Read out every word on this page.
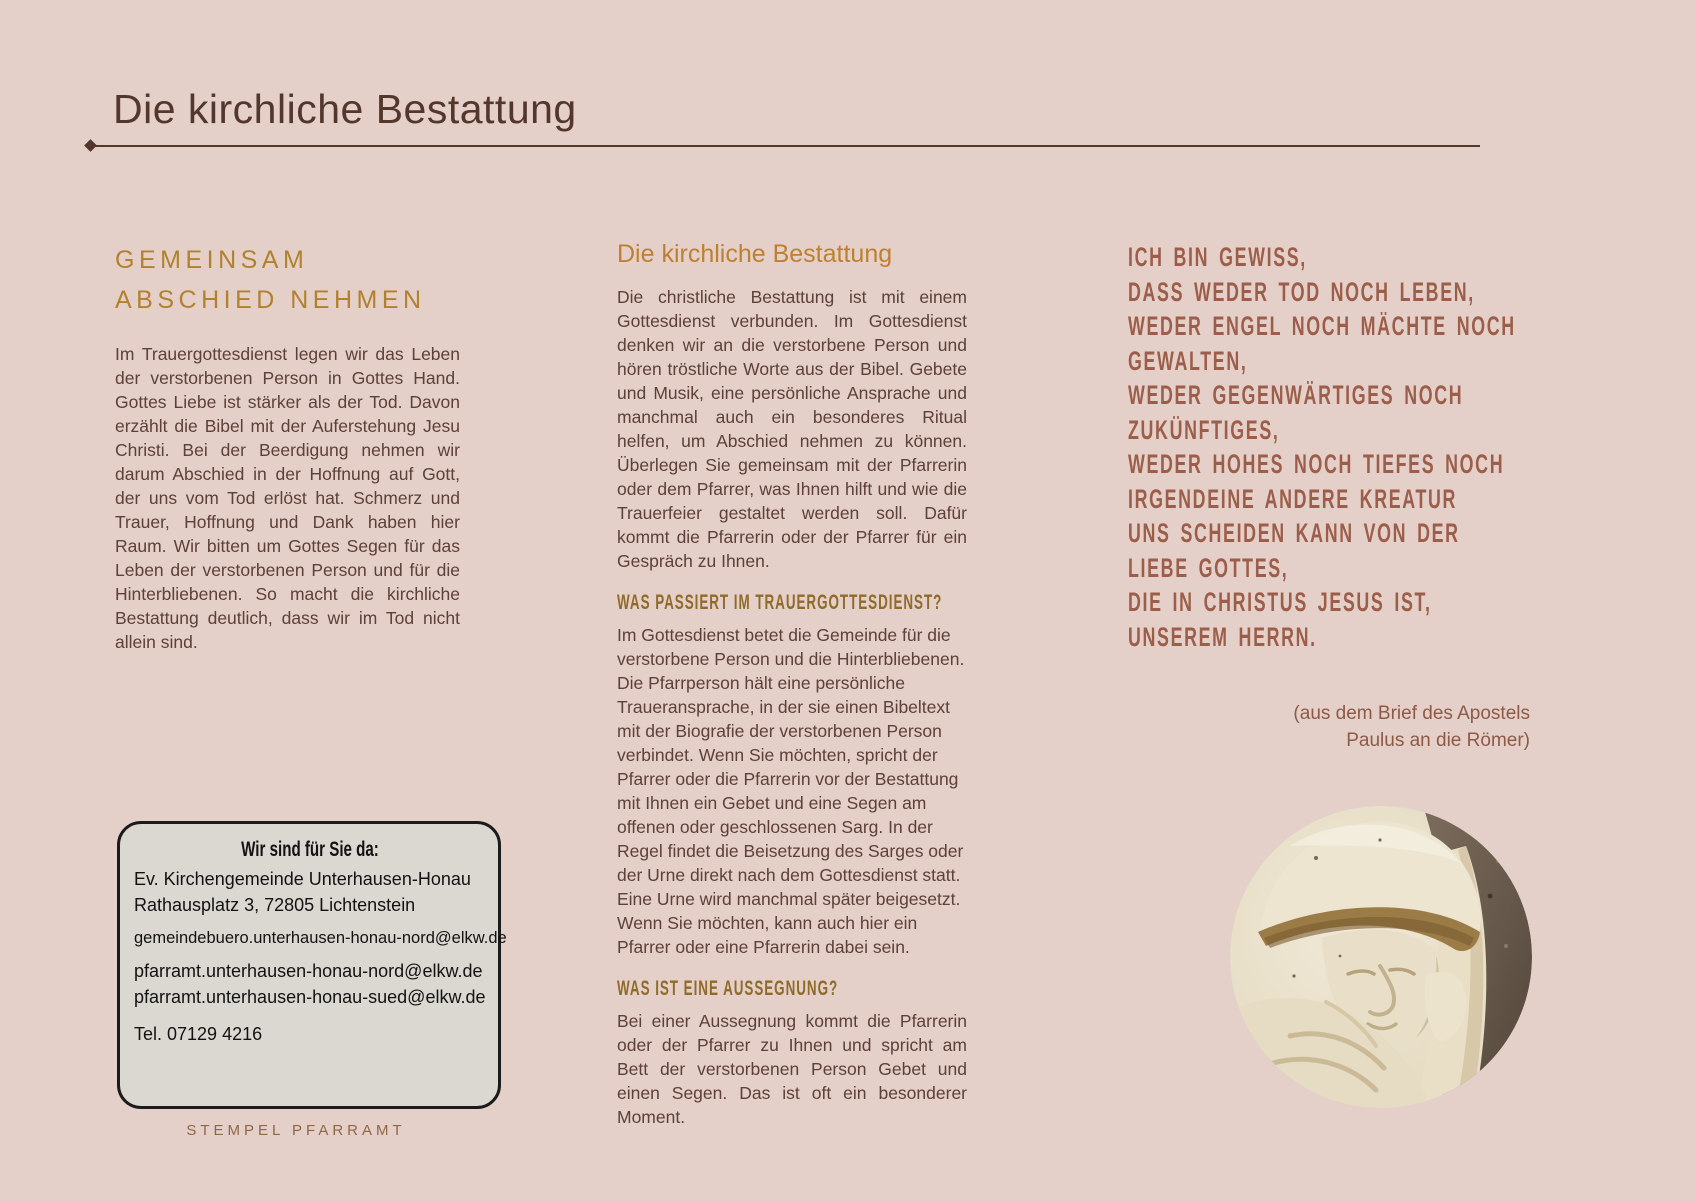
Die kirchliche Bestattung
GEMEINSAM
ABSCHIED NEHMEN

Im Trauergottesdienst legen wir das Leben der verstorbenen Person in Gottes Hand. Gottes Liebe ist stärker als der Tod. Davon erzählt die Bibel mit der Auferstehung Jesu Christi. Bei der Beerdigung nehmen wir darum Abschied in der Hoffnung auf Gott, der uns vom Tod erlöst hat. Schmerz und Trauer, Hoffnung und Dank haben hier Raum. Wir bitten um Gottes Segen für das Leben der verstorbenen Person und für die Hinterbliebenen. So macht die kirchliche Bestattung deutlich, dass wir im Tod nicht allein sind.

Wir sind für Sie da:
Ev. Kirchengemeinde Unterhausen-Honau
Rathausplatz 3, 72805 Lichtenstein
gemeindebuero.unterhausen-honau-nord@elkw.de
pfarramt.unterhausen-honau-nord@elkw.de
pfarramt.unterhausen-honau-sued@elkw.de
Tel. 07129 4216
STEMPEL PFARRAMT
Die kirchliche Bestattung

Die christliche Bestattung ist mit einem Gottesdienst verbunden. Im Gottesdienst denken wir an die verstorbene Person und hören tröstliche Worte aus der Bibel. Gebete und Musik, eine persönliche Ansprache und manchmal auch ein besonderes Ritual helfen, um Abschied nehmen zu können. Überlegen Sie gemeinsam mit der Pfarrerin oder dem Pfarrer, was Ihnen hilft und wie die Trauerfeier gestaltet werden soll. Dafür kommt die Pfarrerin oder der Pfarrer für ein Gespräch zu Ihnen.

WAS PASSIERT IM TRAUERGOTTESDIENST?

Im Gottesdienst betet die Gemeinde für die verstorbene Person und die Hinterbliebenen. Die Pfarrperson hält eine persönliche Traueransprache, in der sie einen Bibeltext mit der Biografie der verstorbenen Person verbindet. Wenn Sie möchten, spricht der Pfarrer oder die Pfarrerin vor der Bestattung mit Ihnen ein Gebet und eine Segen am offenen oder geschlossenen Sarg. In der Regel findet die Beisetzung des Sarges oder der Urne direkt nach dem Gottesdienst statt. Eine Urne wird manchmal später beigesetzt. Wenn Sie möchten, kann auch hier ein Pfarrer oder eine Pfarrerin dabei sein.

WAS IST EINE AUSSEGNUNG?

Bei einer Aussegnung kommt die Pfarrerin oder der Pfarrer zu Ihnen und spricht am Bett der verstorbenen Person Gebet und einen Segen. Das ist oft ein besonderer Moment.

ICH BIN GEWISS,
DASS WEDER TOD NOCH LEBEN,
WEDER ENGEL NOCH MÄCHTE NOCH
GEWALTEN,
WEDER GEGENWÄRTIGES NOCH
ZUKÜNFTIGES,
WEDER HOHES NOCH TIEFES NOCH
IRGENDEINE ANDERE KREATUR
UNS SCHEIDEN KANN VON DER
LIEBE GOTTES,
DIE IN CHRISTUS JESUS IST,
UNSEREM HERRN.
(aus dem Brief des Apostels
Paulus an die Römer)
